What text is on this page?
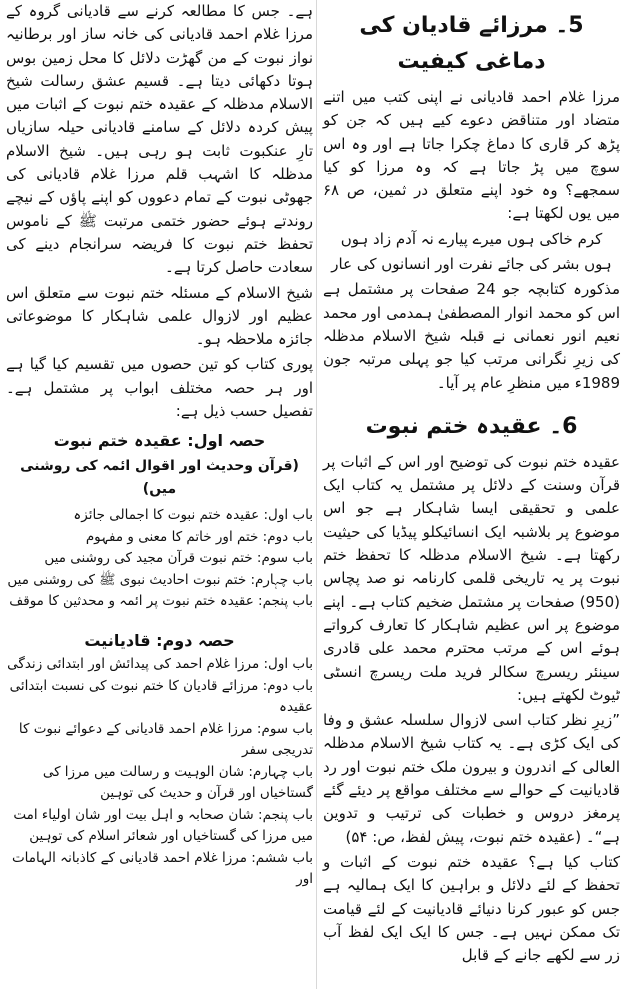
5۔ مرزائے قادیان کی دماغی کیفیت

مرزا غلام احمد قادیانی نے اپنی کتب میں اتنے متضاد اور متناقض دعوے کیے ہیں کہ جن کو پڑھ کر قاری کا دماغ چکرا جاتا ہے اور وہ اس سوچ میں پڑ جاتا ہے کہ وہ مرزا کو کیا سمجھے؟ وہ خود اپنے متعلق در ثمین، ص ۶۸ میں یوں لکھتا ہے:

کرم خاکی ہوں میرے پیارے نہ آدم زاد ہوں
ہوں بشر کی جائے نفرت اور انسانوں کی عار

مذکورہ کتابچہ جو 24 صفحات پر مشتمل ہے اس کو محمد انوار المصطفیٰ ہمدمی اور محمد نعیم انور نعمانی نے قبلہ شیخ الاسلام مدظلہ کی زیرِ نگرانی مرتب کیا جو پہلی مرتبہ جون 1989ء میں منظرِ عام پر آیا۔

6۔ عقیدہ ختم نبوت

عقیدہ ختم نبوت کی توضیح اور اس کے اثبات پر قرآن وسنت کے دلائل پر مشتمل یہ کتاب ایک علمی و تحقیقی ایسا شاہکار ہے جو اس موضوع پر بلاشبہ ایک انسائیکلو پیڈیا کی حیثیت رکھتا ہے۔ شیخ الاسلام مدظلہ کا تحفظ ختم نبوت پر یہ تاریخی قلمی کارنامہ نو صد پچاس (950) صفحات پر مشتمل ضخیم کتاب ہے۔ اپنے موضوع پر اس عظیم شاہکار کا تعارف کرواتے ہوئے اس کے مرتب محترم محمد علی قادری سینئر ریسرچ سکالر فرید ملت ریسرچ انسٹی ٹیوٹ لکھتے ہیں:

”زیرِ نظر کتاب اسی لازوال سلسلہ عشق و وفا کی ایک کڑی ہے۔ یہ کتاب شیخ الاسلام مدظلہ العالی کے اندرون و بیرون ملک ختم نبوت اور رد قادیانیت کے حوالے سے مختلف مواقع پر دیئے گئے پرمغز دروس و خطبات کی ترتیب و تدوین ہے“۔ (عقیدہ ختم نبوت، پیش لفظ، ص: ۵۴)

کتاب کیا ہے؟ عقیدہ ختم نبوت کے اثبات و تحفظ کے لئے دلائل و براہین کا ایک ہمالیہ ہے جس کو عبور کرنا دنیائے قادیانیت کے لئے قیامت تک ممکن نہیں ہے۔ جس کا ایک ایک لفظ آب زر سے لکھے جانے کے قابل

ہے۔ جس کا مطالعہ کرنے سے قادیانی گروہ کے مرزا غلام احمد قادیانی کی خانہ ساز اور برطانیہ نواز نبوت کے من گھڑت دلائل کا محل زمین بوس ہوتا دکھائی دیتا ہے۔ قسیم عشق رسالت شیخ الاسلام مدظلہ کے عقیدہ ختم نبوت کے اثبات میں پیش کردہ دلائل کے سامنے قادیانی حیلہ سازیاں تارِ عنکبوت ثابت ہو رہی ہیں۔ شیخ الاسلام مدظلہ کا اشہب قلم مرزا غلام قادیانی کی جھوٹی نبوت کے تمام دعووں کو اپنے پاؤں کے نیچے روندتے ہوئے حضور ختمی مرتبت ﷺ کے ناموس تحفظ ختم نبوت کا فریضہ سرانجام دینے کی سعادت حاصل کرتا ہے۔

شیخ الاسلام کے مسئلہ ختم نبوت سے متعلق اس عظیم اور لازوال علمی شاہکار کا موضوعاتی جائزہ ملاحظہ ہو۔

پوری کتاب کو تین حصوں میں تقسیم کیا گیا ہے اور ہر حصہ مختلف ابواب پر مشتمل ہے۔ تفصیل حسب ذیل ہے:

حصہ اول: عقیدہ ختم نبوت
(قرآن وحدیث اور اقوال ائمہ کی روشنی میں)

باب اول: عقیدہ ختم نبوت کا اجمالی جائزہ

باب دوم: ختم اور خاتم کا معنی و مفہوم

باب سوم: ختم نبوت قرآن مجید کی روشنی میں

باب چہارم: ختم نبوت احادیث نبوی ﷺ کی روشنی میں

باب پنجم: عقیدہ ختم نبوت پر ائمہ و محدثین کا موقف

حصہ دوم: قادیانیت

باب اول: مرزا غلام احمد کی پیدائش اور ابتدائی زندگی

باب دوم: مرزائے قادیان کا ختم نبوت کی نسبت ابتدائی عقیدہ

باب سوم: مرزا غلام احمد قادیانی کے دعوائے نبوت کا تدریجی سفر

باب چہارم: شان الوہیت و رسالت میں مرزا کی گستاخیاں اور قرآن و حدیث کی توہین

باب پنجم: شان صحابہ و اہل بیت اور شان اولیاء امت میں مرزا کی گستاخیاں اور شعائر اسلام کی توہین

باب ششم: مرزا غلام احمد قادیانی کے کاذبانہ الہامات اور
